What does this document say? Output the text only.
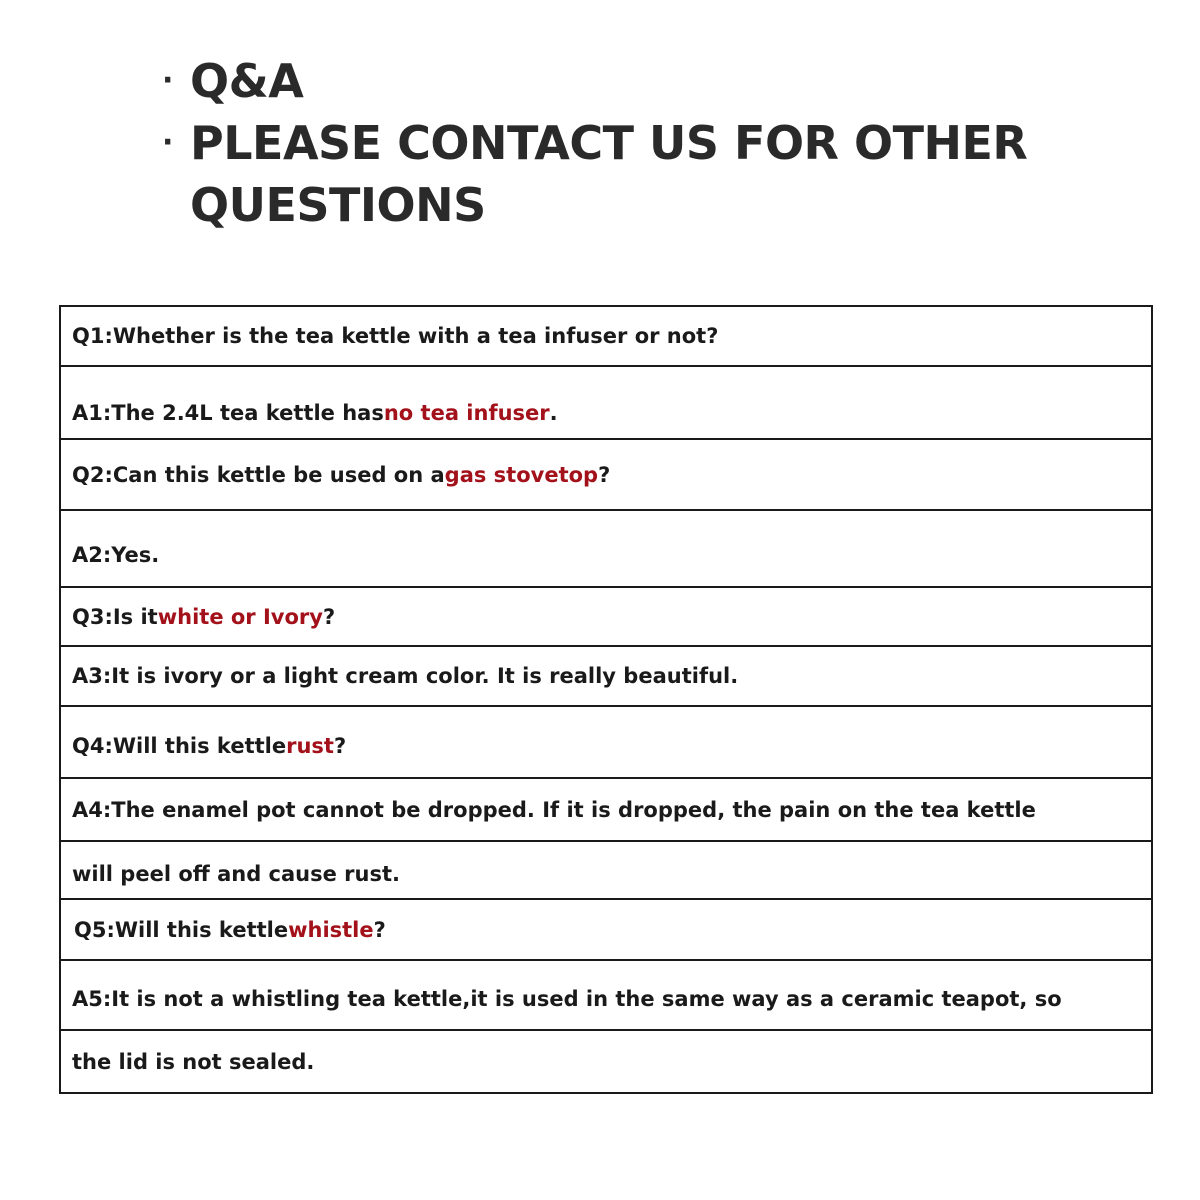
· Q&A
· PLEASE CONTACT US FOR OTHER
QUESTIONS
Q1:Whether is the tea kettle with a tea infuser or not?
A1:The 2.4L tea kettle has no tea infuser .
Q2:Can this kettle be used on a gas stovetop ?
A2:Yes.
Q3:Is it white or Ivory ?
A3:It is ivory or a light cream color. It is really beautiful.
Q4:Will this kettle rust ?
A4:The enamel pot cannot be dropped. If it is dropped, the pain on the tea kettle
will peel off and cause rust.
Q5:Will this kettle whistle ?
A5:It is not a whistling tea kettle,it is used in the same way as a ceramic teapot, so
the lid is not sealed.
